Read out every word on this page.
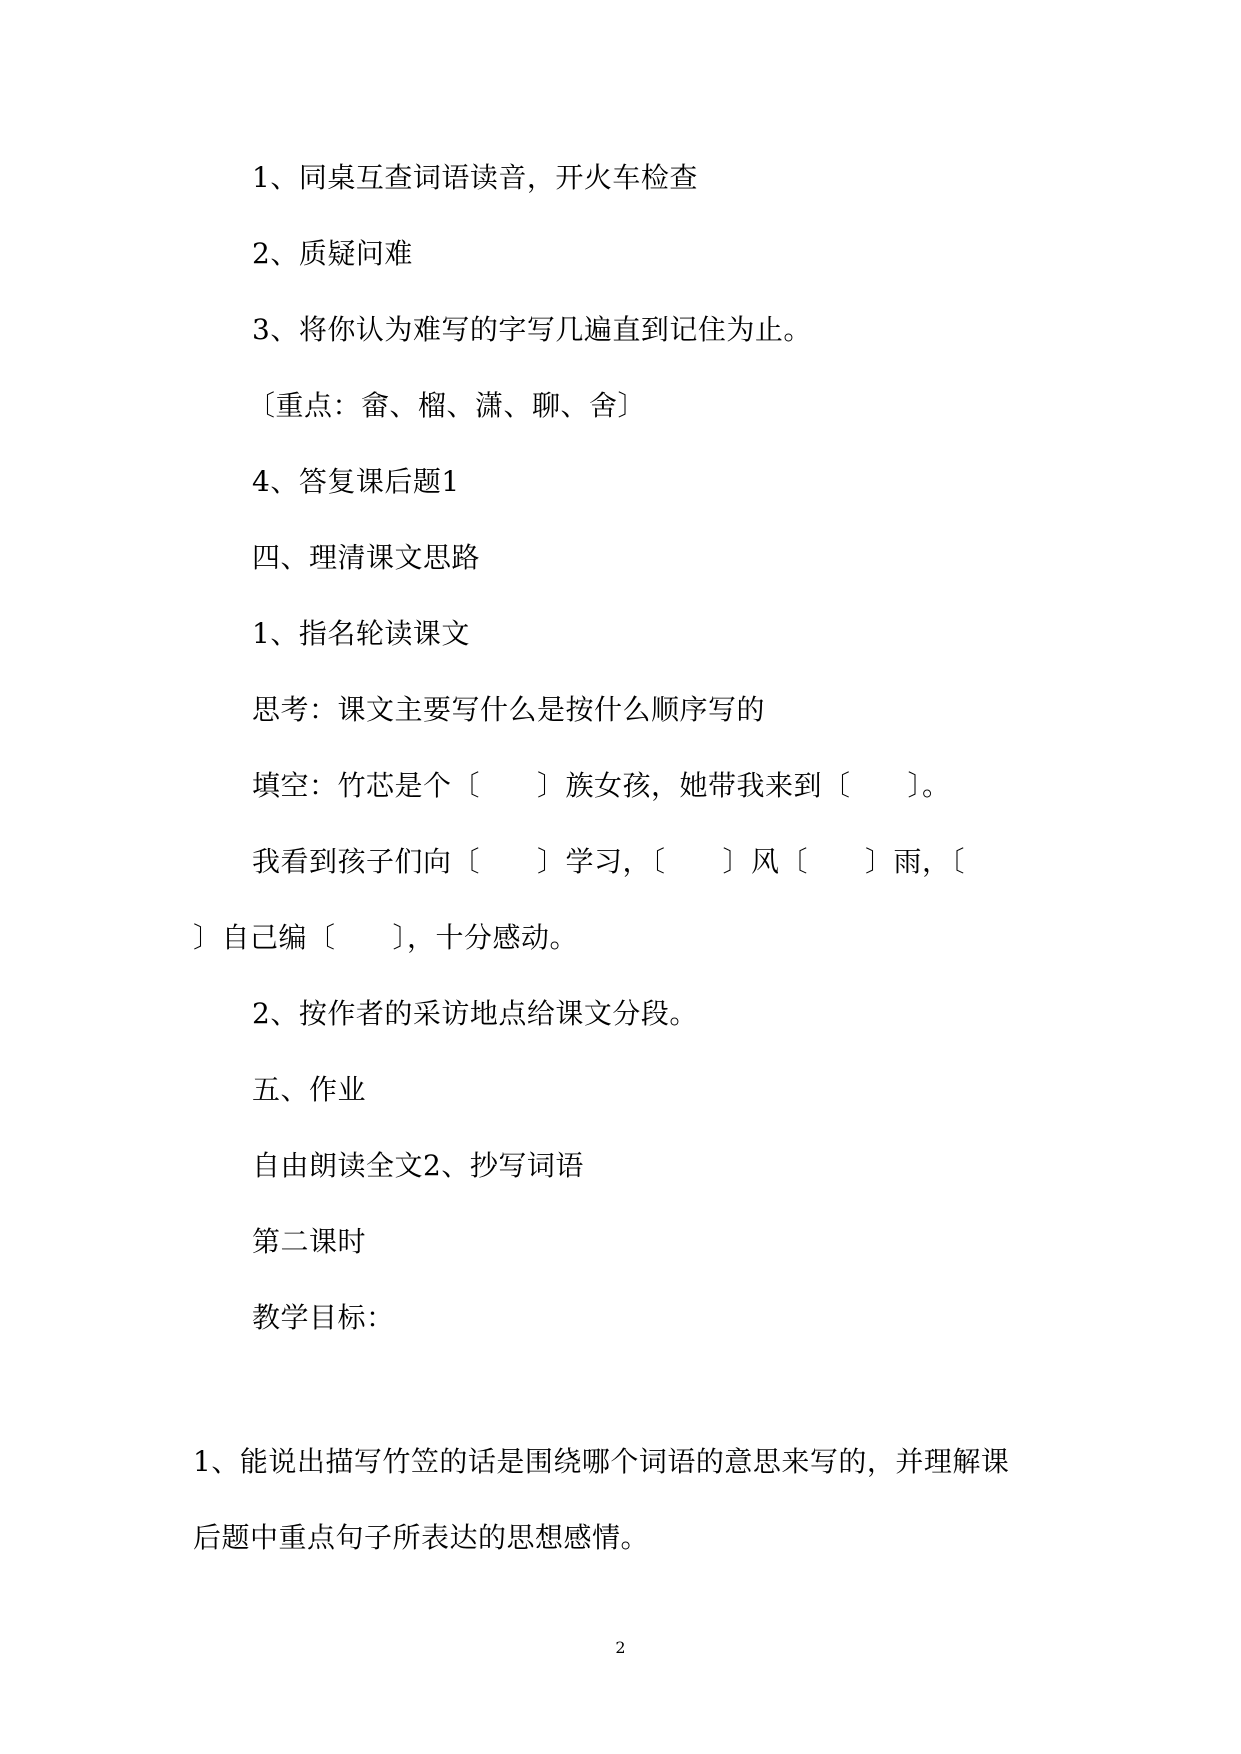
1、同桌互查词语读音，开火车检查
2、质疑问难
3、将你认为难写的字写几遍直到记住为止。
〔重点：畲、榴、潇、聊、舍〕
4、答复课后题1
四、理清课文思路
1、指名轮读课文
思考：课文主要写什么是按什么顺序写的
填空：竹芯是个〔　　〕族女孩，她带我来到〔　　〕。
我看到孩子们向〔　　〕学习，〔　　〕风〔　　〕雨，〔
〕自己编〔　　〕，十分感动。
2、按作者的采访地点给课文分段。
五、作业
自由朗读全文2、抄写词语
第二课时
教学目标：
1、能说出描写竹笠的话是围绕哪个词语的意思来写的，并理解课
后题中重点句子所表达的思想感情。
2
